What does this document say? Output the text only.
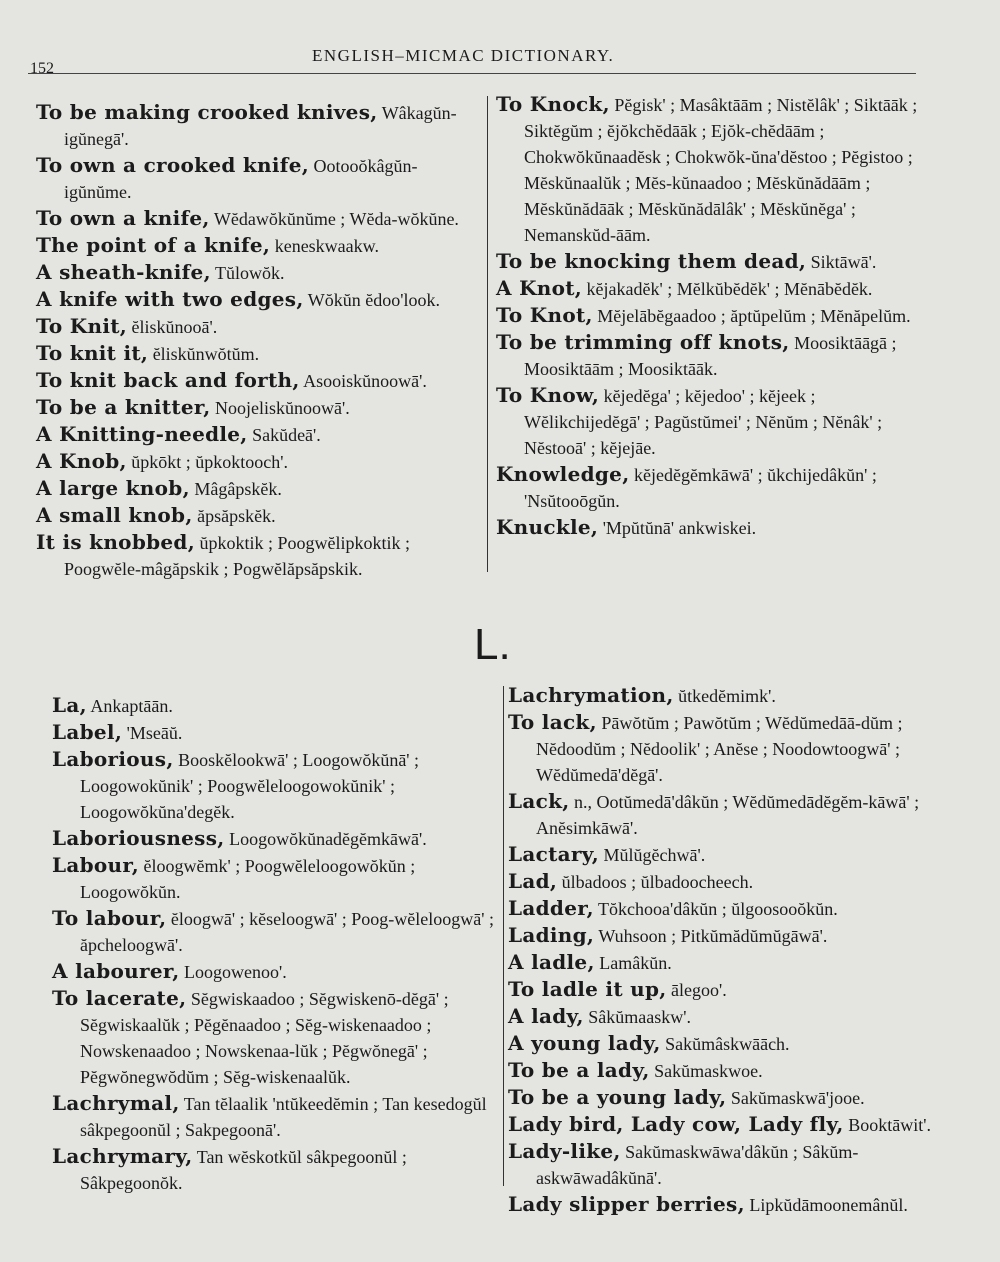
152
ENGLISH–MICMAC DICTIONARY.

To be making crooked knives, Wâkagŭn-igŭnegā'.

To own a crooked knife, Ootooŏkâgŭn-igŭnŭme.

To own a knife, Wĕdawŏkŭnŭme ; Wĕda-wŏkŭne.

The point of a knife, keneskwaakw.

A sheath-knife, Tŭlowŏk.

A knife with two edges, Wŏkŭn ĕdoo'look.

To Knit, ĕliskŭnooā'.

To knit it, ĕliskŭnwŏtŭm.

To knit back and forth, Asooiskŭnoowā'.

To be a knitter, Noojeliskŭnoowā'.

A Knitting-needle, Sakŭdeā'.

A Knob, ŭpkōkt ; ŭpkoktooch'.

A large knob, Mâgâpskĕk.

A small knob, ăpsăpskĕk.

It is knobbed, ŭpkoktik ; Poogwĕlipkoktik ; Poogwĕle-mâgăpskik ; Pogwĕlăpsăpskik.

To Knock, Pĕgisk' ; Masâktāām ; Nistĕlâk' ; Siktāāk ; Siktĕgŭm ; ĕjŏkchĕdāāk ; Ejŏk-chĕdāām ; Chokwŏkŭnaadĕsk ; Chokwŏk-ŭna'dĕstoo ; Pĕgistoo ; Mĕskŭnaalŭk ; Mĕs-kŭnaadoo ; Mĕskŭnădāām ; Mĕskŭnădāāk ; Mĕskŭnădālâk' ; Mĕskŭnĕga' ; Nemanskŭd-āām.

To be knocking them dead, Siktāwā'.

A Knot, kĕjakadĕk' ; Mĕlkŭbĕdĕk' ; Mĕnābĕdĕk.

To Knot, Mĕjelābĕgaadoo ; ăptŭpelŭm ; Mĕnăpelŭm.

To be trimming off knots, Moosiktāāgā ; Moosiktāām ; Moosiktāāk.

To Know, kĕjedĕga' ; kĕjedoo' ; kĕjeek ; Wĕlikchijedĕgā' ; Pagŭstŭmei' ; Nĕnŭm ; Nĕnâk' ; Nĕstooā' ; kĕjejāe.

Knowledge, kĕjedĕgĕmkāwā' ; ŭkchijedâkŭn' ; 'Nsŭtooōgŭn.

Knuckle, 'Mpŭtŭnā' ankwiskei.

L.

La, Ankaptāān.

Label, 'Mseāŭ.

Laborious, Booskĕlookwā' ; Loogowŏkŭnā' ; Loogowokŭnik' ; Poogwĕleloogowokŭnik' ; Loogowŏkŭna'degĕk.

Laboriousness, Loogowŏkŭnadĕgĕmkāwā'.

Labour, ĕloogwĕmk' ; Poogwĕleloogowŏkŭn ; Loogowŏkŭn.

To labour, ĕloogwā' ; kĕseloogwā' ; Poog-wĕleloogwā' ; ăpcheloogwā'.

A labourer, Loogowenoo'.

To lacerate, Sĕgwiskaadoo ; Sĕgwiskenō-dĕgā' ; Sĕgwiskaalŭk ; Pĕgĕnaadoo ; Sĕg-wiskenaadoo ; Nowskenaadoo ; Nowskenaa-lŭk ; Pĕgwŏnegā' ; Pĕgwŏnegwŏdŭm ; Sĕg-wiskenaalŭk.

Lachrymal, Tan tĕlaalik 'ntŭkeedĕmin ; Tan kesedogŭl sâkpegoonŭl ; Sakpegoonā'.

Lachrymary, Tan wĕskotkŭl sâkpegoonŭl ; Sâkpegoonŏk.

Lachrymation, ŭtkedĕmimk'.

To lack, Pāwŏtŭm ; Pawŏtŭm ; Wĕdŭmedāā-dŭm ; Nĕdoodŭm ; Nĕdoolik' ; Anĕse ; Noodowtoogwā' ; Wĕdŭmedā'dĕgā'.

Lack, n., Ootŭmedā'dâkŭn ; Wĕdŭmedādĕgĕm-kāwā' ; Anĕsimkāwā'.

Lactary, Mŭlŭgĕchwā'.

Lad, ŭlbadoos ; ŭlbadoocheech.

Ladder, Tŏkchooa'dâkŭn ; ŭlgoosooŏkŭn.

Lading, Wuhsoon ; Pitkŭmădŭmŭgāwā'.

A ladle, Lamâkŭn.

To ladle it up, ālegoo'.

A lady, Sâkŭmaaskw'.

A young lady, Sakŭmâskwāāch.

To be a lady, Sakŭmaskwoe.

To be a young lady, Sakŭmaskwā'jooe.

Lady bird, Lady cow, Lady fly, Booktāwit'.

Lady-like, Sakŭmaskwāwa'dâkŭn ; Sâkŭm-askwāwadâkŭnā'.

Lady slipper berries, Lipkŭdāmoonemânŭl.
